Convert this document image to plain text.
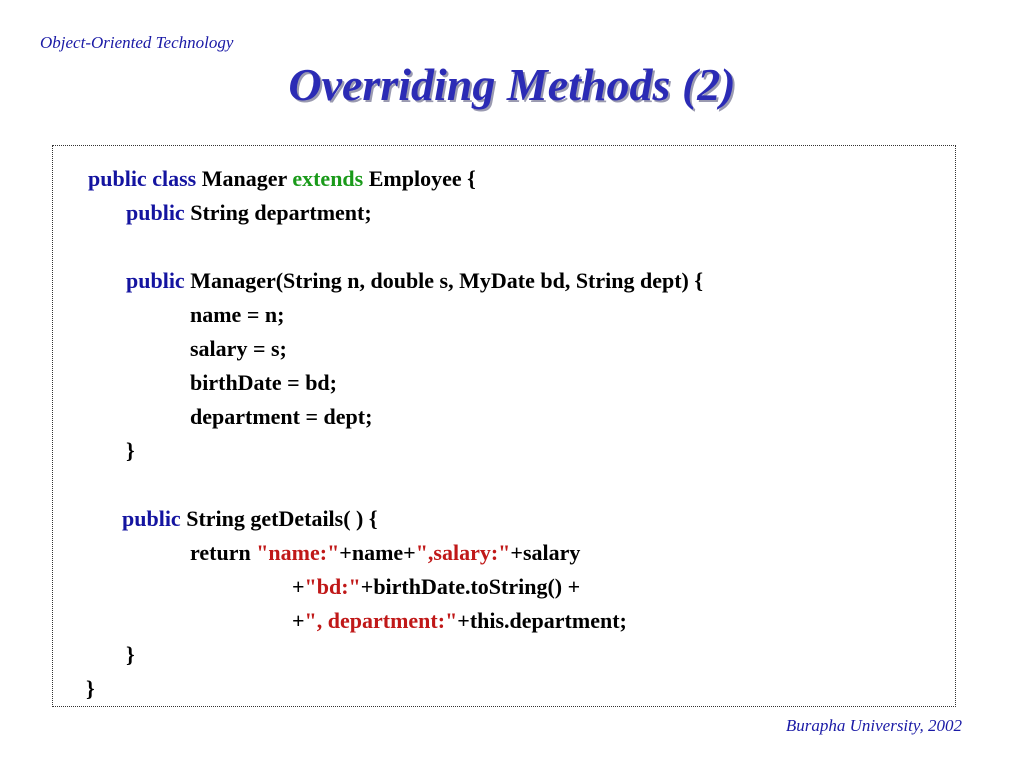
Object-Oriented Technology
Overriding Methods (2)
public class Manager extends Employee {
public String department;
public Manager(String n, double s, MyDate bd, String dept) {
name = n;
salary = s;
birthDate = bd;
department = dept;
}
public String getDetails( ) {
return "name:"+name+",salary:"+salary
+"bd:"+birthDate.toString() +
+", department:"+this.department;
}
}
Burapha University, 2002
